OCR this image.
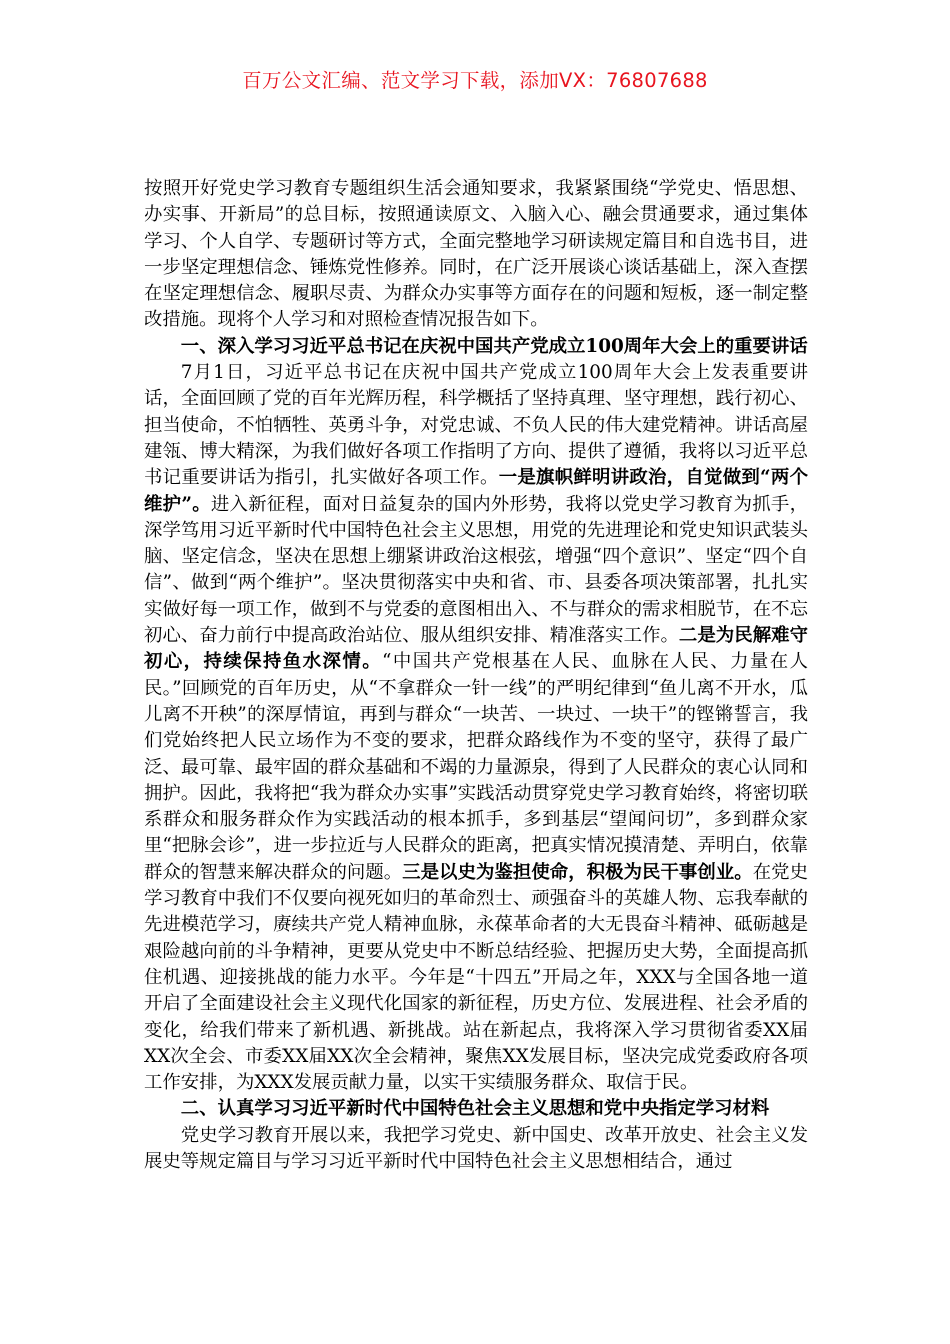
百万公文汇编、范文学习下载，添加VX：76807688

按照开好党史学习教育专题组织生活会通知要求，我紧紧围绕“学党史、悟思想、办实事、开新局”的总目标，按照通读原文、入脑入心、融会贯通要求，通过集体学习、个人自学、专题研讨等方式，全面完整地学习研读规定篇目和自选书目，进一步坚定理想信念、锤炼党性修养。同时，在广泛开展谈心谈话基础上，深入查摆在坚定理想信念、履职尽责、为群众办实事等方面存在的问题和短板，逐一制定整改措施。现将个人学习和对照检查情况报告如下。

一、深入学习习近平总书记在庆祝中国共产党成立100周年大会上的重要讲话

7月1日，习近平总书记在庆祝中国共产党成立100周年大会上发表重要讲话，全面回顾了党的百年光辉历程，科学概括了坚持真理、坚守理想，践行初心、担当使命，不怕牺牲、英勇斗争，对党忠诚、不负人民的伟大建党精神。讲话高屋建瓴、博大精深，为我们做好各项工作指明了方向、提供了遵循，我将以习近平总书记重要讲话为指引，扎实做好各项工作。一是旗帜鲜明讲政治，自觉做到“两个维护”。进入新征程，面对日益复杂的国内外形势，我将以党史学习教育为抓手，深学笃用习近平新时代中国特色社会主义思想，用党的先进理论和党史知识武装头脑、坚定信念，坚决在思想上绷紧讲政治这根弦，增强“四个意识”、坚定“四个自信”、做到“两个维护”。坚决贯彻落实中央和省、市、县委各项决策部署，扎扎实实做好每一项工作，做到不与党委的意图相出入、不与群众的需求相脱节，在不忘初心、奋力前行中提高政治站位、服从组织安排、精准落实工作。二是为民解难守初心，持续保持鱼水深情。“中国共产党根基在人民、血脉在人民、力量在人民。”回顾党的百年历史，从“不拿群众一针一线”的严明纪律到“鱼儿离不开水，瓜儿离不开秧”的深厚情谊，再到与群众“一块苦、一块过、一块干”的铿锵誓言，我们党始终把人民立场作为不变的要求，把群众路线作为不变的坚守，获得了最广泛、最可靠、最牢固的群众基础和不竭的力量源泉，得到了人民群众的衷心认同和拥护。因此，我将把“我为群众办实事”实践活动贯穿党史学习教育始终，将密切联系群众和服务群众作为实践活动的根本抓手，多到基层“望闻问切”，多到群众家里“把脉会诊”，进一步拉近与人民群众的距离，把真实情况摸清楚、弄明白，依靠群众的智慧来解决群众的问题。三是以史为鉴担使命，积极为民干事创业。在党史学习教育中我们不仅要向视死如归的革命烈士、顽强奋斗的英雄人物、忘我奉献的先进模范学习，赓续共产党人精神血脉，永葆革命者的大无畏奋斗精神、砥砺越是艰险越向前的斗争精神，更要从党史中不断总结经验、把握历史大势，全面提高抓住机遇、迎接挑战的能力水平。今年是“十四五”开局之年，XXX与全国各地一道开启了全面建设社会主义现代化国家的新征程，历史方位、发展进程、社会矛盾的变化，给我们带来了新机遇、新挑战。站在新起点，我将深入学习贯彻省委XX届XX次全会、市委XX届XX次全会精神，聚焦XX发展目标，坚决完成党委政府各项工作安排，为XXX发展贡献力量，以实干实绩服务群众、取信于民。

二、认真学习习近平新时代中国特色社会主义思想和党中央指定学习材料

党史学习教育开展以来，我把学习党史、新中国史、改革开放史、社会主义发展史等规定篇目与学习习近平新时代中国特色社会主义思想相结合，通过
